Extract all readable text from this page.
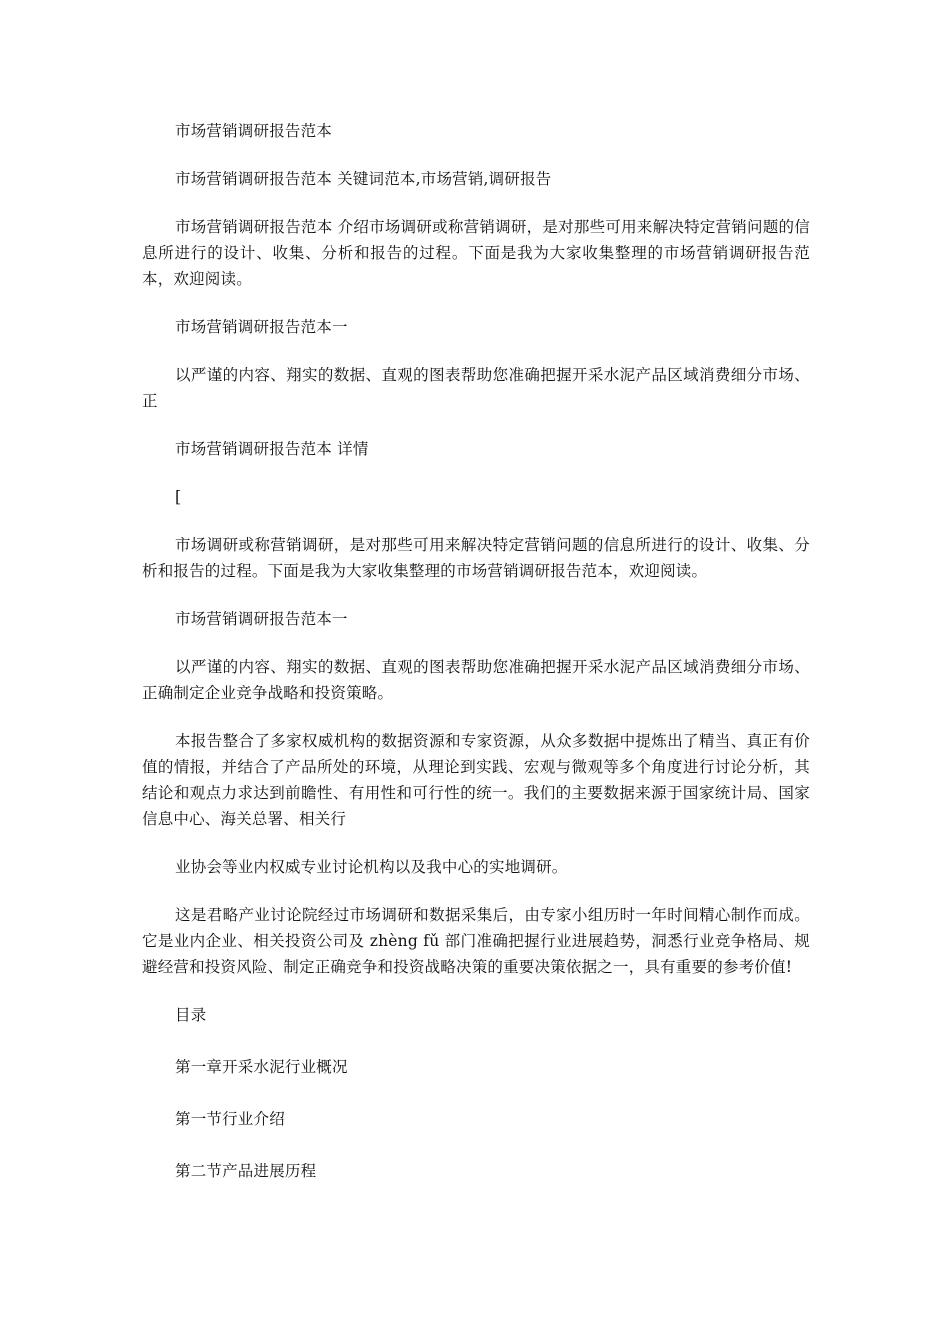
市场营销调研报告范本

市场营销调研报告范本 关键词范本,市场营销,调研报告

市场营销调研报告范本 介绍市场调研或称营销调研，是对那些可用来解决特定营销问题的信息所进行的设计、收集、分析和报告的过程。下面是我为大家收集整理的市场营销调研报告范本，欢迎阅读。

市场营销调研报告范本一

以严谨的内容、翔实的数据、直观的图表帮助您准确把握开采水泥产品区域消费细分市场、正

市场营销调研报告范本 详情

[

市场调研或称营销调研，是对那些可用来解决特定营销问题的信息所进行的设计、收集、分析和报告的过程。下面是我为大家收集整理的市场营销调研报告范本，欢迎阅读。

市场营销调研报告范本一

以严谨的内容、翔实的数据、直观的图表帮助您准确把握开采水泥产品区域消费细分市场、正确制定企业竞争战略和投资策略。

本报告整合了多家权威机构的数据资源和专家资源，从众多数据中提炼出了精当、真正有价值的情报，并结合了产品所处的环境，从理论到实践、宏观与微观等多个角度进行讨论分析，其结论和观点力求达到前瞻性、有用性和可行性的统一。我们的主要数据来源于国家统计局、国家信息中心、海关总署、相关行

业协会等业内权威专业讨论机构以及我中心的实地调研。

这是君略产业讨论院经过市场调研和数据采集后，由专家小组历时一年时间精心制作而成。它是业内企业、相关投资公司及 zhèng fǔ 部门准确把握行业进展趋势，洞悉行业竞争格局、规避经营和投资风险、制定正确竞争和投资战略决策的重要决策依据之一，具有重要的参考价值!

目录

第一章开采水泥行业概况

第一节行业介绍

第二节产品进展历程
